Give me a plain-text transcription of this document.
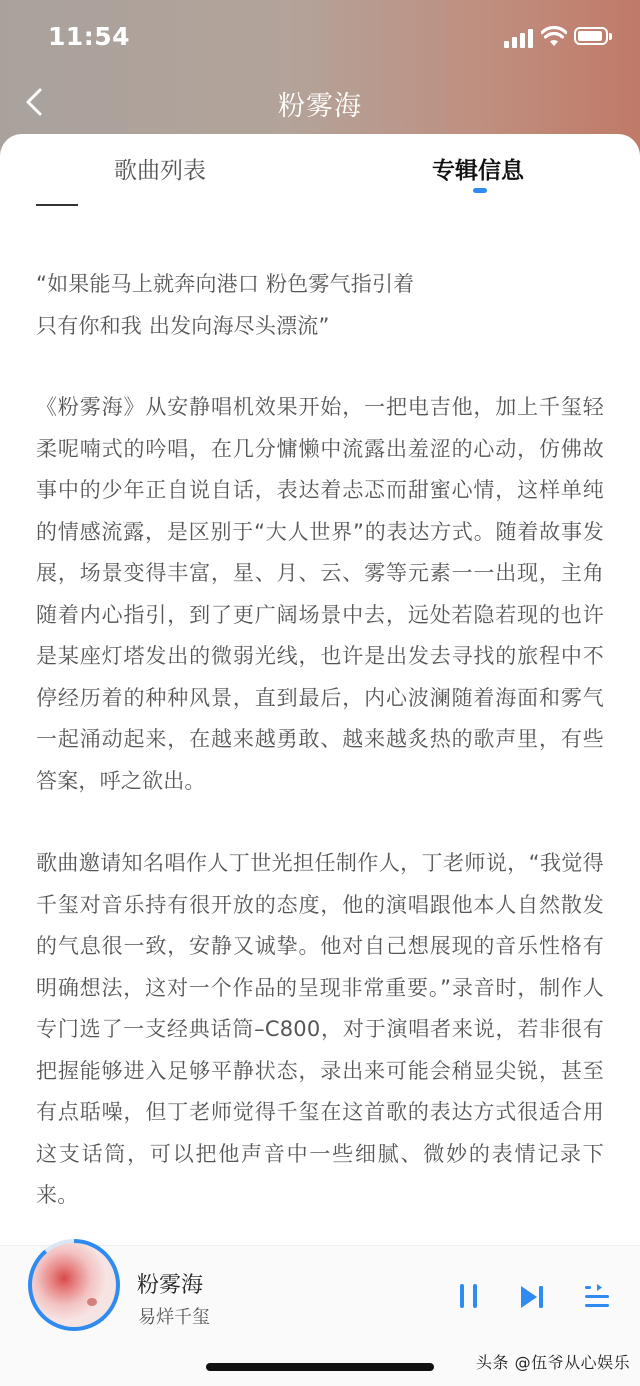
11:54
粉雾海
歌曲列表	专辑信息

“如果能马上就奔向港口 粉色雾气指引着
只有你和我 出发向海尽头漂流”

《粉雾海》从安静唱机效果开始，一把电吉他，加上千玺轻柔呢喃式的吟唱，在几分慵懒中流露出羞涩的心动，仿佛故事中的少年正自说自话，表达着忐忑而甜蜜心情，这样单纯的情感流露，是区别于“大人世界”的表达方式。随着故事发展，场景变得丰富，星、月、云、雾等元素一一出现，主角随着内心指引，到了更广阔场景中去，远处若隐若现的也许是某座灯塔发出的微弱光线，也许是出发去寻找的旅程中不停经历着的种种风景，直到最后，内心波澜随着海面和雾气一起涌动起来，在越来越勇敢、越来越炙热的歌声里，有些答案，呼之欲出。

歌曲邀请知名唱作人丁世光担任制作人，丁老师说，“我觉得千玺对音乐持有很开放的态度，他的演唱跟他本人自然散发的气息很一致，安静又诚挚。他对自己想展现的音乐性格有明确想法，这对一个作品的呈现非常重要。”录音时，制作人专门选了一支经典话筒–C800，对于演唱者来说，若非很有把握能够进入足够平静状态，录出来可能会稍显尖锐，甚至有点聒噪，但丁老师觉得千玺在这首歌的表达方式很适合用这支话筒，可以把他声音中一些细腻、微妙的表情记录下来。

粉雾海
易烊千玺
头条 @伍爷从心娱乐
